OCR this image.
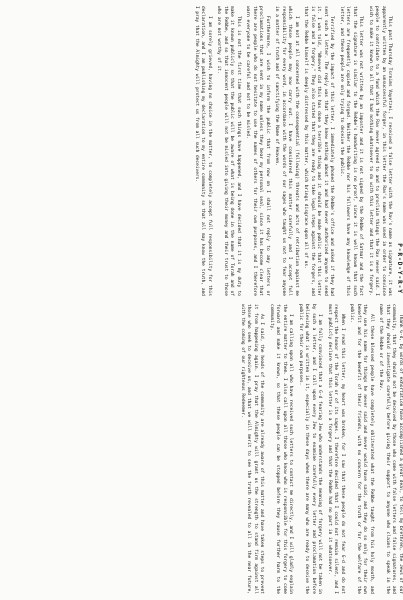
P-R-D-Y-R-Y

This past Thursday Tsrnims Vayetzei, I received a false letter with the Rav's name as signature, it was apparently written by an unsuccessful forger, in this letter the Rav's name was used in order to convince people to contribute to a fund which the Rav never agreed to and to proclaim things the Rav never said. I wish to make it known to all that I had nothing whatsoever to do with this letter and that it is a forgery.

This letter was not written by an imposter and it is not signed by the Rebbe of Satmar and the fact that the signature is similar to the Rebbe's handwriting is no proof, since it is well known that such letters are frequently copied and forged. Neither the Rebbe nor his followers have any knowledge of this letter, and these people are only trying to deceive the public.

Terrified by the impact of this letter, I immediately phoned the Rebbe's office and asked if they had sent such a letter. The reply was that they knew nothing about it and had never authorized anyone to send it. I was told, "Whoever did this has done a terrible thing and it should be made public that this letter is false and a forgery." They also stated that they are ready to take legal steps against the forgers, and that the Rebbe himself is deeply distressed by this matter, which brings disgrace upon all of us.

I am not at all concerned with the consequential (following) threats and acts of retribution against me which those people may now carry out. I have considered this matter carefully and I accept full responsibility for every word, in accordance with the words of our sages who taught us not to fear anyone in a matter of truth and of sanctifying the Name of Heaven.

Furthermore, I wish to inform the public that from now on I shall not reply to any letters or proclamations that are sent in my name unless they bear my personal seal, since it has become clear that there are people who do not hesitate to use the names of others for their own purposes, and I therefore warn everyone to be careful and not to be misled.

This is not the first time that such things have happened, and I have decided that it is my duty to make it known publicly so that the public will be aware of what is being done in the name of Torah and of the Rebbe, and so that innocent people will not be misled into giving their money and their trust to those who are not worthy of it.

I am sorely grieved, having no choice in the matter, to completely accept full responsibility for this declaration, and I am publishing my declaration to my entire community so that all may know the truth, and I pray that the Almighty will protect us from all such deceivers.

Thank G-d, by words of exhortation have accomplished a great deal, to tell my brethren, the Jews of our community, that they should not be deceived by those who come with false letters and false signatures, and that they should investigate carefully before giving their support to anyone who claims to speak in the name of the Rebbe or of the Rav.

All these blessed people have completely obliterated what the Rebbe taught from his holy mouth, and they use his name for things he never said and never would have said, and they do so only for their own benefit and for the benefit of their friends, with no concern for the truth or for the welfare of the public.

When I read this letter, my heart was broken, for I saw that these people do not fear G-d and do not respect the honor of the Torah or of its sages. I therefore decided that I could not remain silent, and I must publicly declare that this letter is a forgery and that the Rebbe had no part in it whatsoever.

I am fully convinced that a G-d fearing Jew who understands the meaning of forgery will not be taken in by such a letter, and I call upon every Jew to examine carefully every letter and proclamation before believing what is written in it, especially in these days when there are many who are ready to deceive the public for their own purposes.

I am calling upon all who have received such letters to contact me directly, and I will gladly explain the entire matter to them. I also call upon all those who know who is responsible for this forgery to come forward and make it known, so that these people can be stopped before they cause further harm to the community.

As I said, the heads of the community are already aware of this matter and have taken steps to prevent it from happening again. I pray that the Almighty will grant us the strength to stand firm against all those who seek to deceive us, and that we will merit to see the truth revealed to all in the near future, with the coming of our righteous Redeemer.
